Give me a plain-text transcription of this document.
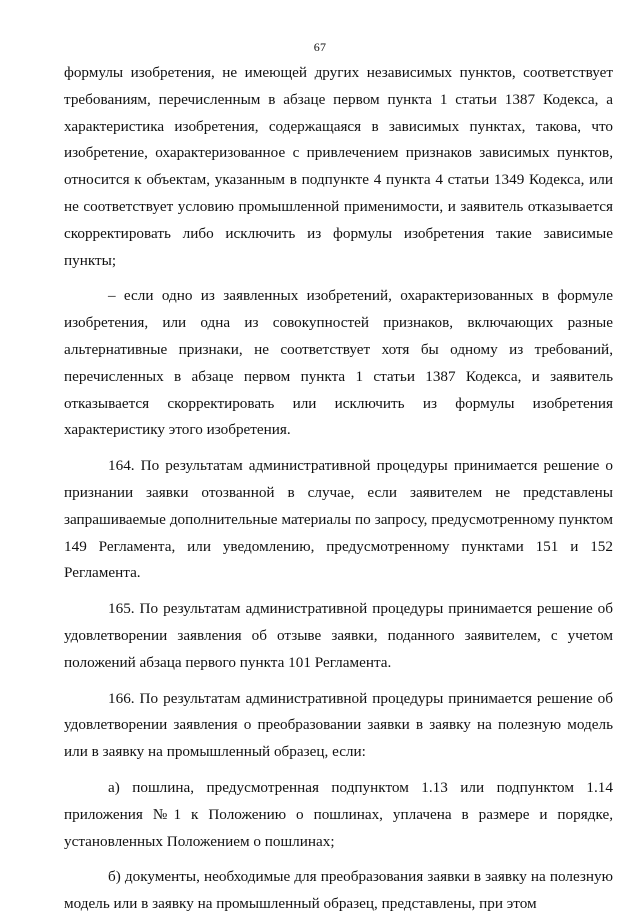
67

формулы изобретения, не имеющей других независимых пунктов, соответствует требованиям, перечисленным в абзаце первом пункта 1 статьи 1387 Кодекса, а характеристика изобретения, содержащаяся в зависимых пунктах, такова, что изобретение, охарактеризованное с привлечением признаков зависимых пунктов, относится к объектам, указанным в подпункте 4 пункта 4 статьи 1349 Кодекса, или не соответствует условию промышленной применимости, и заявитель отказывается скорректировать либо исключить из формулы изобретения такие зависимые пункты;

– если одно из заявленных изобретений, охарактеризованных в формуле изобретения, или одна из совокупностей признаков, включающих разные альтернативные признаки, не соответствует хотя бы одному из требований, перечисленных в абзаце первом пункта 1 статьи 1387 Кодекса, и заявитель отказывается скорректировать или исключить из формулы изобретения характеристику этого изобретения.

164. По результатам административной процедуры принимается решение о признании заявки отозванной в случае, если заявителем не представлены запрашиваемые дополнительные материалы по запросу, предусмотренному пунктом 149 Регламента, или уведомлению, предусмотренному пунктами 151 и 152 Регламента.

165. По результатам административной процедуры принимается решение об удовлетворении заявления об отзыве заявки, поданного заявителем, с учетом положений абзаца первого пункта 101 Регламента.

166. По результатам административной процедуры принимается решение об удовлетворении заявления о преобразовании заявки в заявку на полезную модель или в заявку на промышленный образец, если:

а) пошлина, предусмотренная подпунктом 1.13 или подпунктом 1.14 приложения №1 к Положению о пошлинах, уплачена в размере и порядке, установленных Положением о пошлинах;

б) документы, необходимые для преобразования заявки в заявку на полезную модель или в заявку на промышленный образец, представлены, при этом
